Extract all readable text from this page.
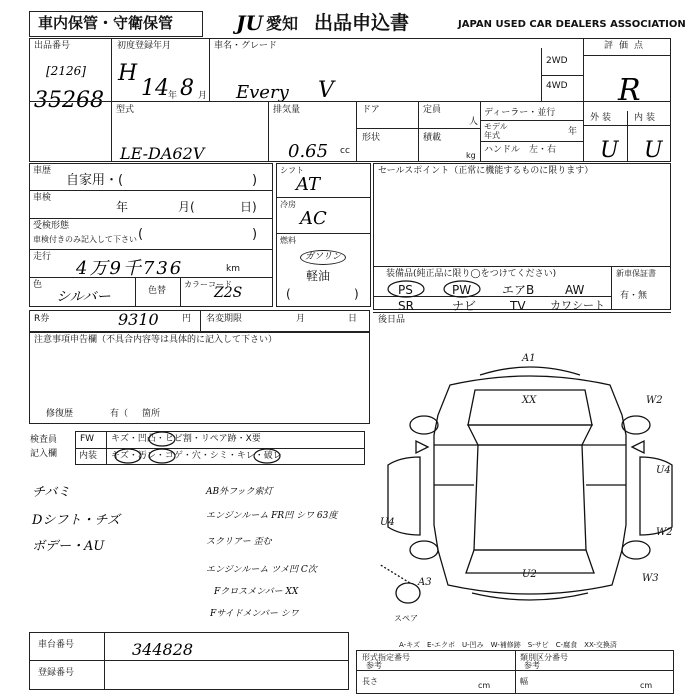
車内保管・守衛保管	JU 愛知 出品申込書	JAPAN USED CAR DEALERS ASSOCIATION
出品番号
[2126]
35268
初度登録年月
H
14 年 8 月
車名・グレード
Every V
2WD
4WD
評価点
R
型式
LE-DA62V
排気量
0.65 cc
ドア	定員
人
形状	積載
kg
ディーラー・並行
モデル
年式	年
ハンドル　左・右
外装 内装
U U
車歴
自家用・(	)
車検
年	月(	日)
受検形態
車検付きのみ記入して下さい (	)
走行
4万9千736	km
色
シルバー	色替
カラーコード
Z2S
シフト
AT
冷房
AC
燃料
ガソリン
軽油
(	)
セールスポイント（正常に機能するものに限ります）
装備品(純正品に限り◯をつけてください)
PS	PW	エアB	AW
SR	ナビ	TV カワシート
新車保証書
有・無
R券	9310	円 名変期限	月	日 後日品
注意事項申告欄（不具合内容等は具体的に記入して下さい）
修復歴	有（ 箇所
検査員
記入欄
FW キズ・凹凸・ヒビ割・リペア跡・X要
内装 キズ・汚レ・コゲ・穴・シミ・キレ・破レ
チバミ
Dシフト・チズ
ボデー・AU
AB外フック索灯
エンジンルーム FR凹 シワ 63度
スクリアー 歪む
エンジンルーム ツメ凹 C次
Fクロスメンバー XX
Fサイドメンバー シワ
A1
XX	W2
U2
U4
U4
W2
A3	W3
スペア
A-キズ　E-エクボ　U-凹み　W-補修跡　S-サビ　C-腐食　XX-交換済
車台番号	344828
登録番号
形式指定番号
参考
類別区分番号
参考
長さ	cm	幅	cm
